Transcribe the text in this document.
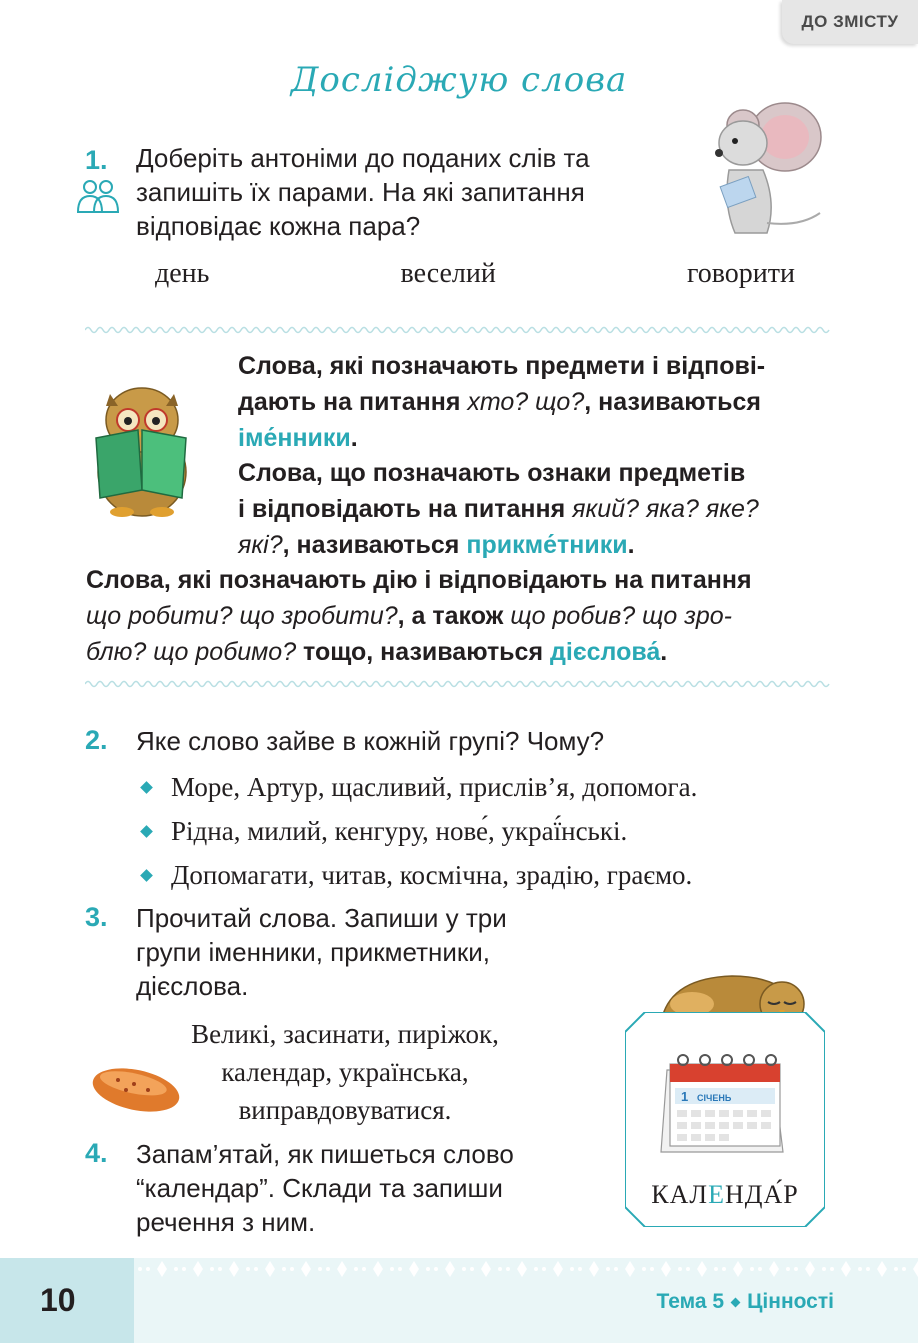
ДО ЗМІСТУ
Досліджую слова
1. Доберіть антоніми до поданих слів та
запишіть їх парами. На які запитання
відповідає кожна пара?
день	веселий	говорити
Слова, які позначають предмети і відпові-
дають на питання хто? що?, називаються
іме́нники.
Слова, що позначають ознаки предметів
і відповідають на питання який? яка? яке?
які?, називаються прикме́тники.
Слова, які позначають дію і відповідають на питання
що робити? що зробити?, а також що робив? що зро-
блю? що робимо? тощо, називаються дієслова́.
2. Яке слово зайве в кожній групі? Чому?
Море, Артур, щасливий, прислів’я, допомога.
Рідна, милий, кенгуру, нове́, украї́нські.
Допомагати, читав, космічна, зрадію, граємо.
3. Прочитай слова. Запиши у три
групи іменники, прикметники,
дієслова.
Великі, засинати, пиріжок,
календар, українська,
виправдовуватися.
4. Запам’ятай, як пишеться слово
“календар”. Склади та запиши
речення з ним.
1 СІЧЕНЬ
КАЛЕНДА́Р
10	Тема 5 Цінності
